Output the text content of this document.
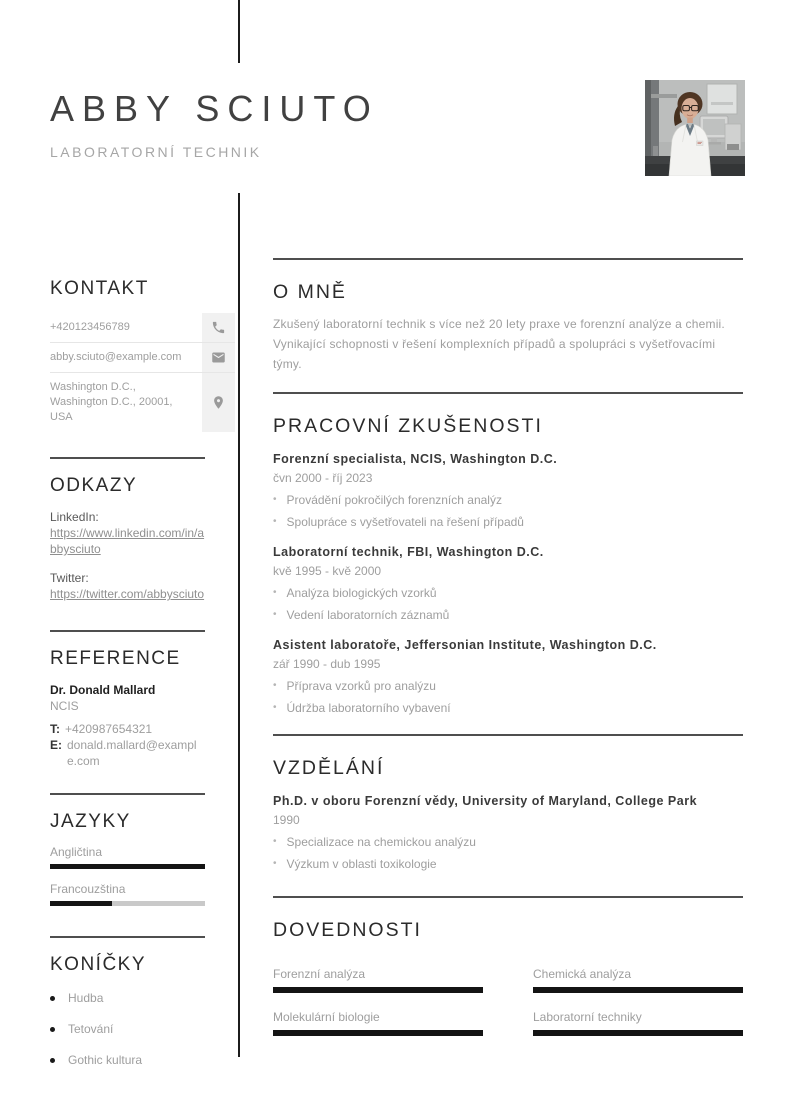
ABBY SCIUTO
LABORATORNÍ TECHNIK
KONTAKT
+420123456789
abby.sciuto@example.com
Washington D.C., Washington D.C., 20001, USA
ODKAZY
LinkedIn:
https://www.linkedin.com/in/abbysciuto
Twitter:
https://twitter.com/abbysciuto
REFERENCE
Dr. Donald Mallard
NCIS
T: +420987654321
E: donald.mallard@example.com
JAZYKY
Angličtina
Francouzština
KONÍČKY
Hudba
Tetování
Gothic kultura
O MNĚ
Zkušený laboratorní technik s více než 20 lety praxe ve forenzní analýze a chemii. Vynikající schopnosti v řešení komplexních případů a spolupráci s vyšetřovacími týmy.
PRACOVNÍ ZKUŠENOSTI
Forenzní specialista, NCIS, Washington D.C.
čvn 2000 - říj 2023
• Provádění pokročilých forenzních analýz
• Spolupráce s vyšetřovateli na řešení případů
Laboratorní technik, FBI, Washington D.C.
kvě 1995 - kvě 2000
• Analýza biologických vzorků
• Vedení laboratorních záznamů
Asistent laboratoře, Jeffersonian Institute, Washington D.C.
zář 1990 - dub 1995
• Příprava vzorků pro analýzu
• Údržba laboratorního vybavení
VZDĚLÁNÍ
Ph.D. v oboru Forenzní vědy, University of Maryland, College Park
1990
• Specializace na chemickou analýzu
• Výzkum v oblasti toxikologie
DOVEDNOSTI
Forenzní analýza	Chemická analýza
Molekulární biologie	Laboratorní techniky
